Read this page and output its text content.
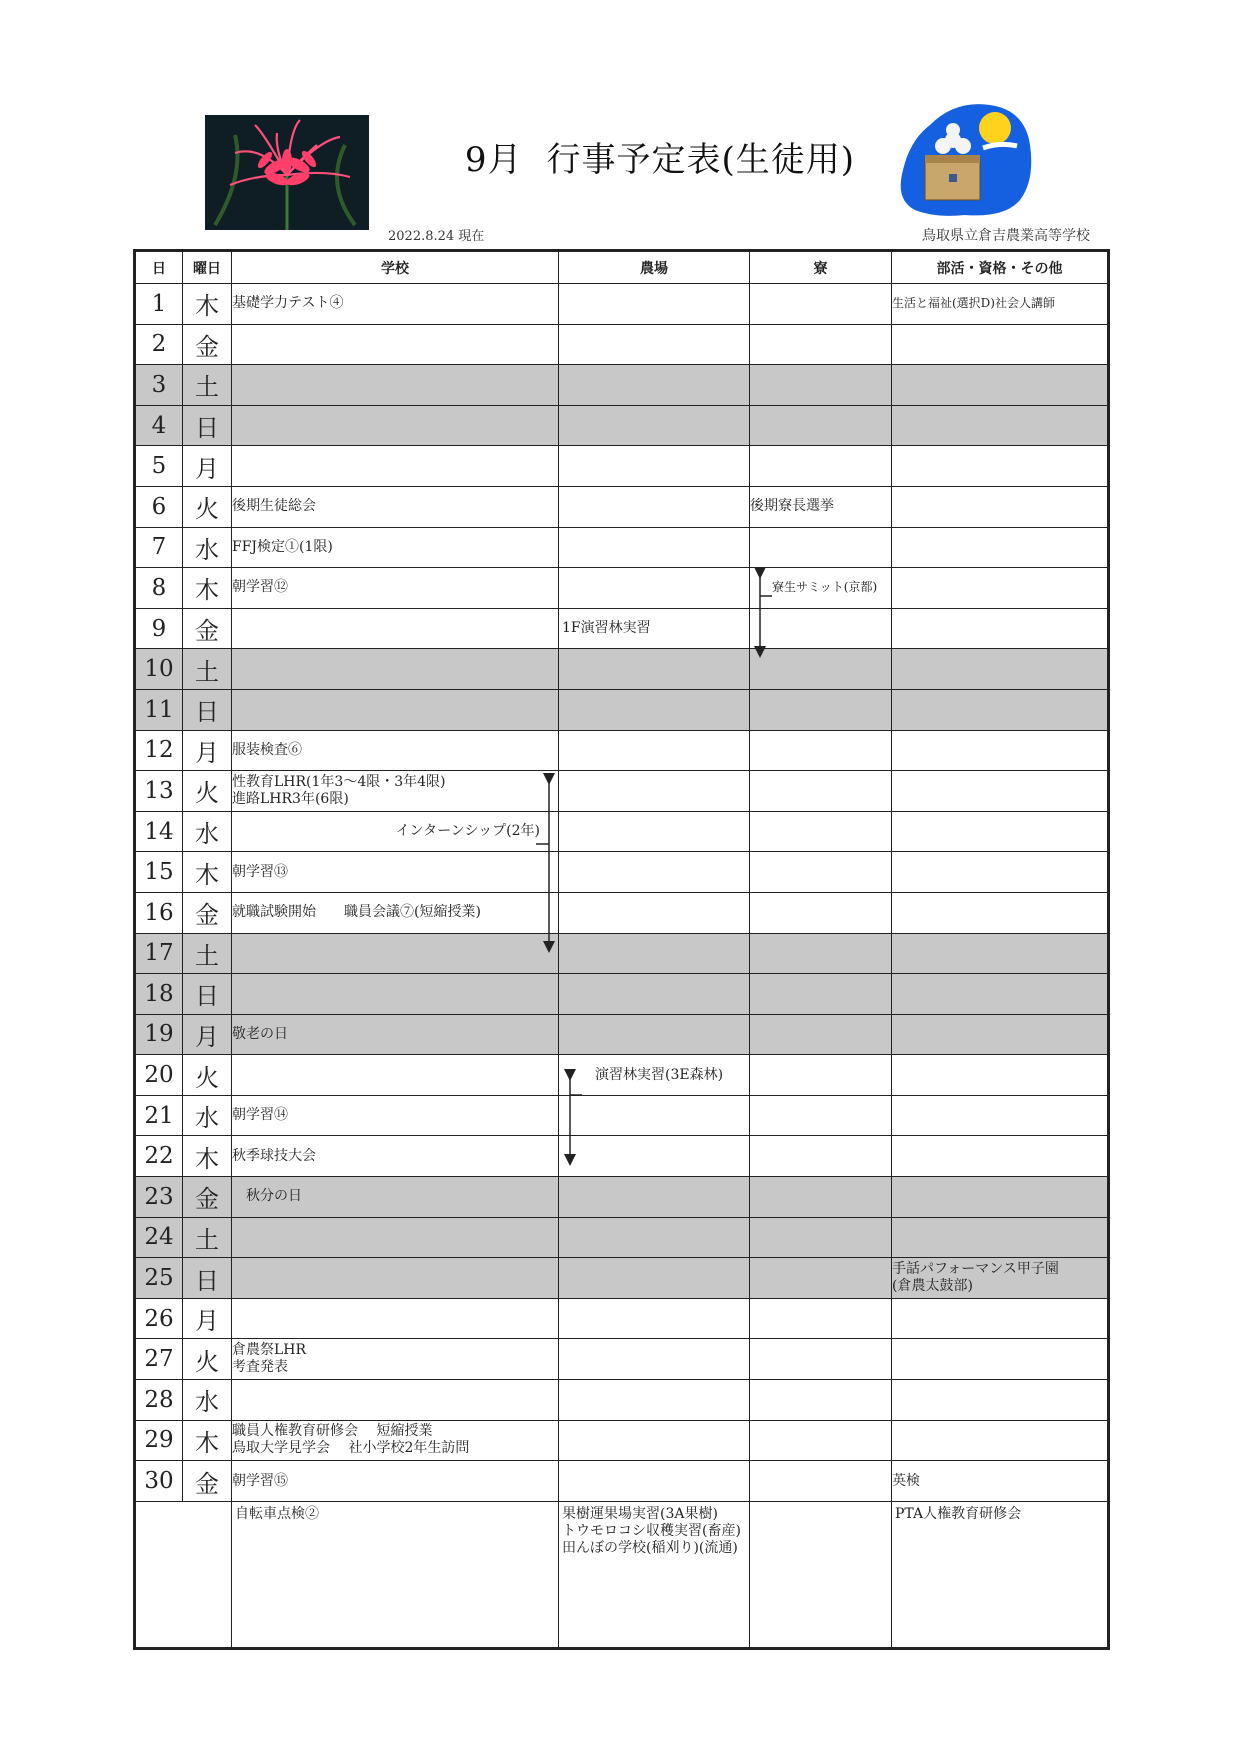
9月 行事予定表(生徒用)
2022.8.24 現在	鳥取県立倉吉農業高等学校
日	曜日	学校	農場	寮	部活・資格・その他
1	木	基礎学力テスト④			生活と福祉(選択D)社会人講師
2	金				
3	土				
4	日				
5	月				
6	火	後期生徒総会		後期寮長選挙	
7	水	FFJ検定①(1限)			
8	木	朝学習⑫		寮生サミット(京都)	
9	金		1F演習林実習		
10	土				
11	日				
12	月	服装検査⑥			
13	火	性教育LHR(1年3～4限・3年4限)
進路LHR3年(6限)			
14	水	インターンシップ(2年)			
15	木	朝学習⑬			
16	金	就職試験開始　　職員会議⑦(短縮授業)			
17	土				
18	日				
19	月	敬老の日			
20	火		演習林実習(3E森林)		
21	水	朝学習⑭			
22	木	秋季球技大会			
23	金	秋分の日			
24	土				
25	日				手話パフォーマンス甲子園
(倉農太鼓部)
26	月				
27	火	倉農祭LHR
考査発表			
28	水				
29	木	職員人権教育研修会　 短縮授業
鳥取大学見学会　 社小学校2年生訪問			
30	金	朝学習⑮			英検
		自転車点検②	果樹運果場実習(3A果樹)
トウモロコシ収穫実習(畜産)
田んぼの学校(稲刈り)(流通)		PTA人権教育研修会
